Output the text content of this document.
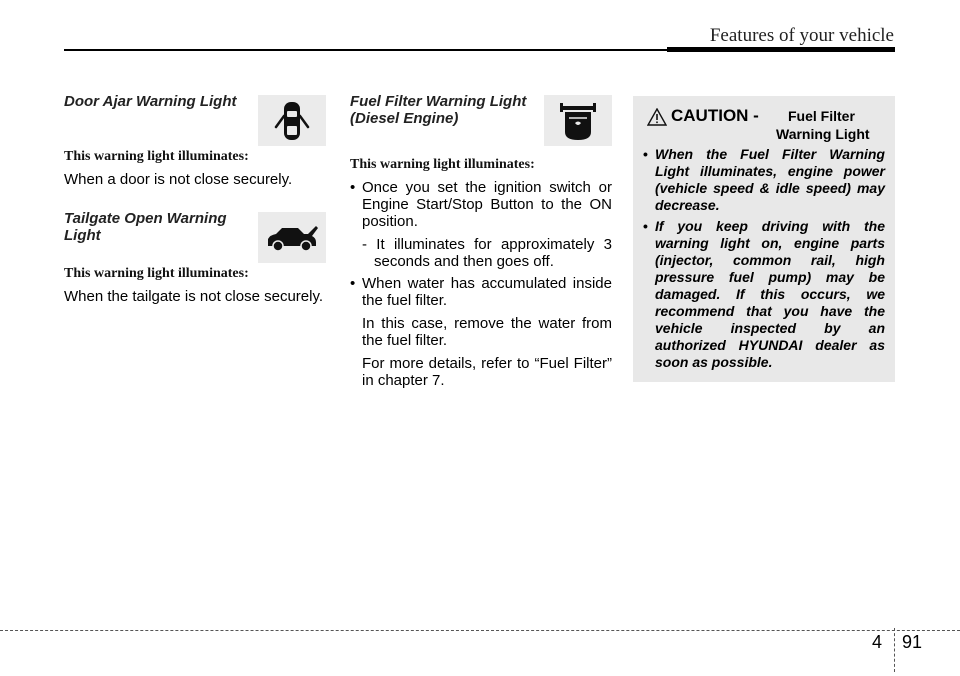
Features of your vehicle

Door Ajar Warning Light

This warning light illuminates:

When a door is not close securely.

Tailgate Open Warning Light

This warning light illuminates:

When the tailgate is not close securely.

Fuel Filter Warning Light
(Diesel Engine)

This warning light illuminates:
• Once you set the ignition switch or Engine Start/Stop Button to the ON position.
- It illuminates for approximately 3 seconds and then goes off.
• When water has accumulated inside the fuel filter.
In this case, remove the water from the fuel filter.
For more details, refer to “Fuel Filter” in chapter 7.
CAUTION - Fuel Filter
Warning Light
• When the Fuel Filter Warning Light illuminates, engine power (vehicle speed & idle speed) may decrease.
• If you keep driving with the warning light on, engine parts (injector, common rail, high pressure fuel pump) may be damaged. If this occurs, we recommend that you have the vehicle inspected by an authorized HYUNDAI dealer as soon as possible.
4 91
